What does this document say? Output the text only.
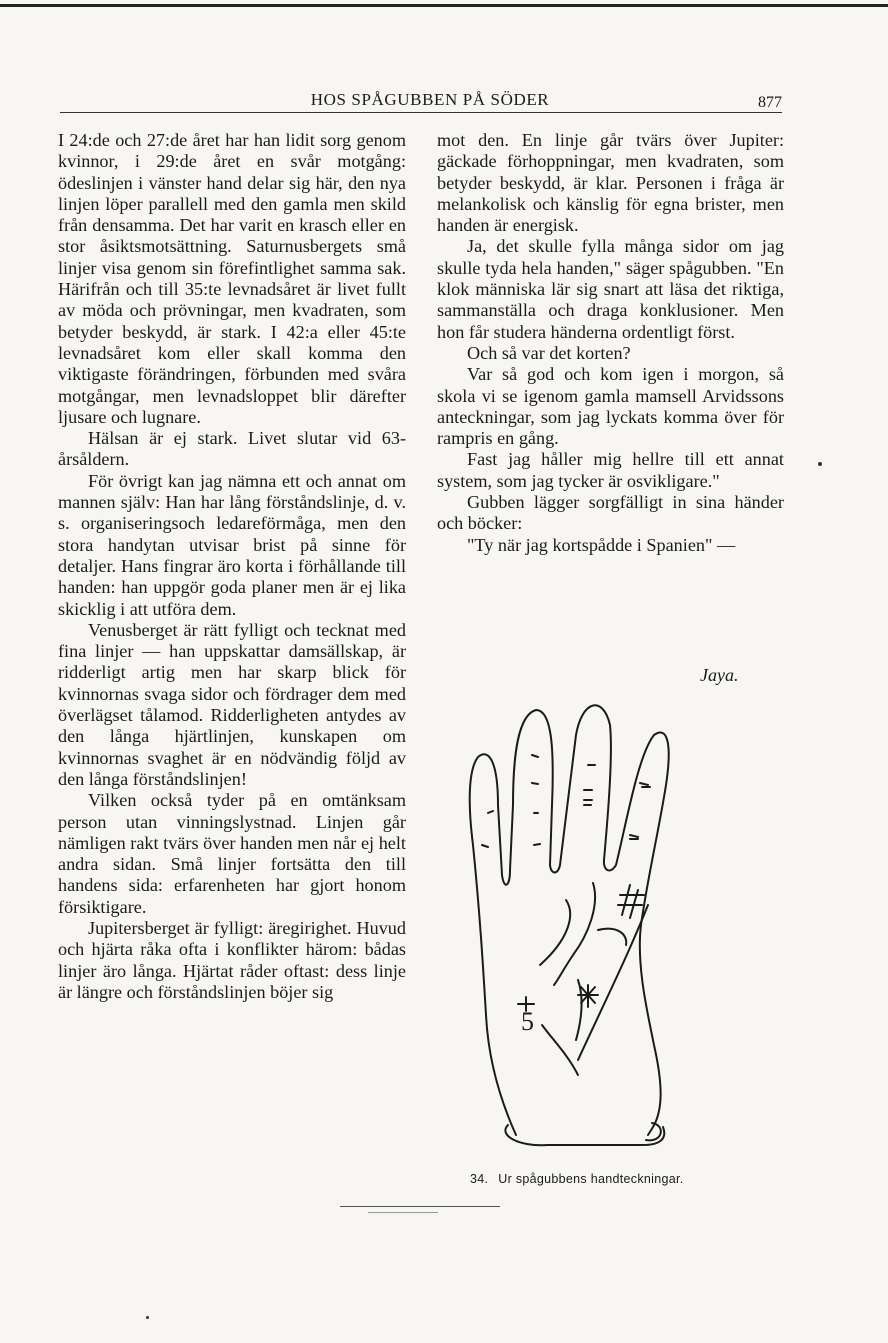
HOS SPÅGUBBEN PÅ SÖDER	877

I 24:de och 27:de året har han lidit sorg genom kvinnor, i 29:de året en svår motgång: ödeslinjen i vänster hand delar sig här, den nya linjen löper parallell med den gamla men skild från densamma. Det har varit en krasch eller en stor åsiktsmotsättning. Saturnusbergets små linjer visa genom sin förefintlighet samma sak. Härifrån och till 35:te levnadsåret är livet fullt av möda och prövningar, men kvadraten, som betyder beskydd, är stark. I 42:a eller 45:te levnadsåret kom eller skall komma den viktigaste förändringen, förbunden med svåra motgångar, men levnadsloppet blir därefter ljusare och lugnare.

Hälsan är ej stark. Livet slutar vid 63-årsåldern.

För övrigt kan jag nämna ett och annat om mannen själv: Han har lång förståndslinje, d. v. s. organiseringsoch ledareförmåga, men den stora handytan utvisar brist på sinne för detaljer. Hans fingrar äro korta i förhållande till handen: han uppgör goda planer men är ej lika skicklig i att utföra dem.

Venusberget är rätt fylligt och tecknat med fina linjer — han uppskattar damsällskap, är ridderligt artig men har skarp blick för kvinnornas svaga sidor och fördrager dem med överlägset tålamod. Ridderligheten antydes av den långa hjärtlinjen, kunskapen om kvinnornas svaghet är en nödvändig följd av den långa förståndslinjen!

Vilken också tyder på en omtänksam person utan vinningslystnad. Linjen går nämligen rakt tvärs över handen men når ej helt andra sidan. Små linjer fortsätta den till handens sida: erfarenheten har gjort honom försiktigare.

Jupitersberget är fylligt: äregirighet. Huvud och hjärta råka ofta i konflikter härom: bådas linjer äro långa. Hjärtat råder oftast: dess linje är längre och förståndslinjen böjer sig

mot den. En linje går tvärs över Jupiter: gäckade förhoppningar, men kvadraten, som betyder beskydd, är klar. Personen i fråga är melankolisk och känslig för egna brister, men handen är energisk.

Ja, det skulle fylla många sidor om jag skulle tyda hela handen," säger spågubben. "En klok människa lär sig snart att läsa det riktiga, sammanställa och draga konklusioner. Men hon får studera händerna ordentligt först.

Och så var det korten?

Var så god och kom igen i morgon, så skola vi se igenom gamla mamsell Arvidssons anteckningar, som jag lyckats komma över för rampris en gång.

Fast jag håller mig hellre till ett annat system, som jag tycker är osvikligare."

Gubben lägger sorgfälligt in sina händer och böcker:

"Ty när jag kortspådde i Spanien" —

Jaya.
5
34. Ur spågubbens handteckningar.
